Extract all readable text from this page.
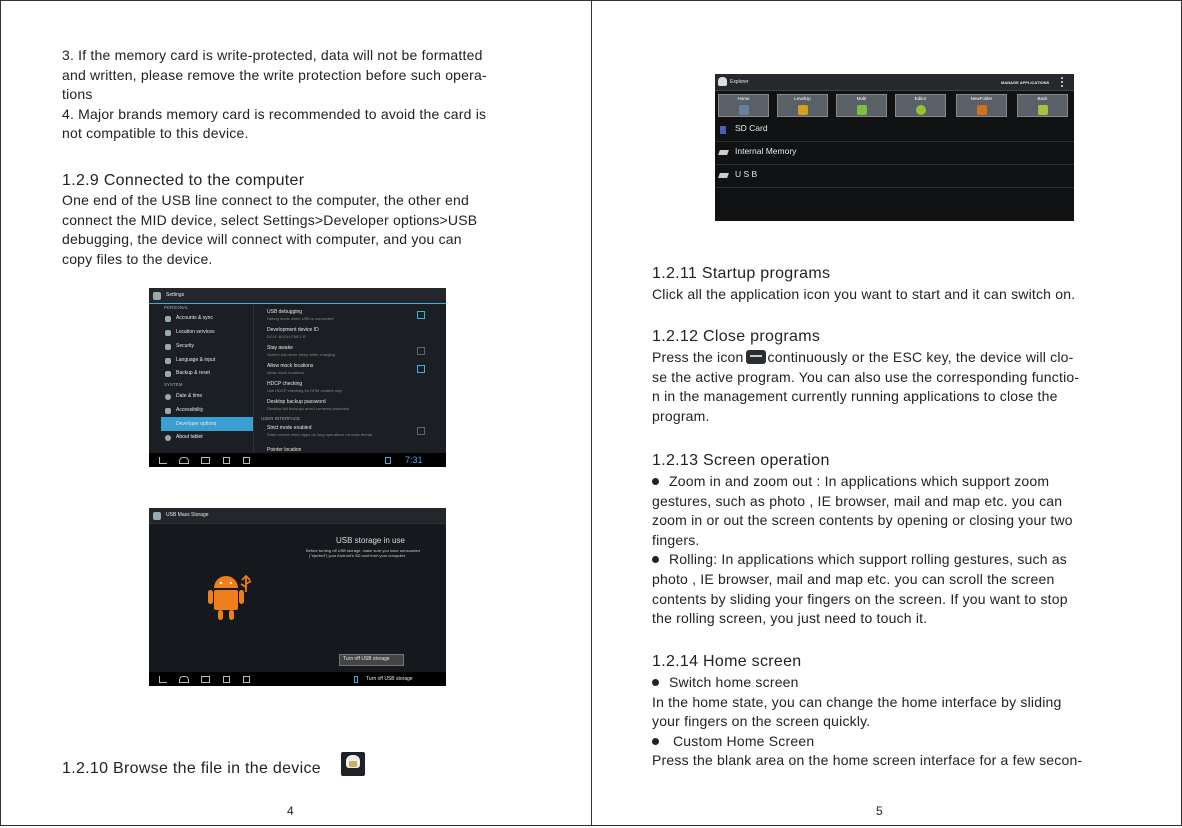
3. If the memory card is write-protected, data will not be formatted
and written, please remove the write protection before such opera-
tions
4. Major brands memory card is recommended to avoid the card is
not compatible to this device.
1.2.9 Connected to the computer
One end of the USB line connect to the computer, the other end
connect the MID device, select Settings>Developer options>USB
debugging, the device will connect with computer, and you can
copy files to the device.
Settings
PERSONAL
Accounts & sync
Location services
Security
Language & input
Backup & reset
SYSTEM
Date & time
Accessibility
Developer options
About tablet
USB debugging
Debug mode when USB is connected
Development device ID
DCLF-6DOH-FNE1-R
Stay awake
Screen will never sleep while charging
Allow mock locations
Allow mock locations
HDCP checking
Use HDCP checking for DRM content only
Desktop backup password
Desktop full backups aren't currently protected
USER INTERFACE
Strict mode enabled
Flash screen when apps do long operations on main thread
Pointer location
7:31
USB Mass Storage
USB storage in use
Before turning off USB storage, make sure you have unmounted
("ejected") your Android's SD card from your computer.
Turn off USB storage
Turn off USB storage
1.2.10 Browse the file in the device
4
Explorer	MANAGE APPLICATIONS
Home	LevelUp	Multi	Editor	NewFolder	Back
SD Card
Internal Memory
U S B
1.2.11 Startup programs
Click all the application icon you want to start and it can switch on.
1.2.12 Close programs
Press the icon continuously or the ESC key, the device will clo-
se the active program. You can also use the corresponding functio-
n in the management currently running applications to close the
program.
1.2.13 Screen operation
Zoom in and zoom out : In applications which support zoom
gestures, such as photo , IE browser, mail and map etc. you can
zoom in or out the screen contents by opening or closing your two
fingers.
Rolling: In applications which support rolling gestures, such as
photo , IE browser, mail and map etc. you can scroll the screen
contents by sliding your fingers on the screen. If you want to stop
the rolling screen, you just need to touch it.
1.2.14 Home screen
Switch home screen
In the home state, you can change the home interface by sliding
your fingers on the screen quickly.
Custom Home Screen
Press the blank area on the home screen interface for a few secon-
5
